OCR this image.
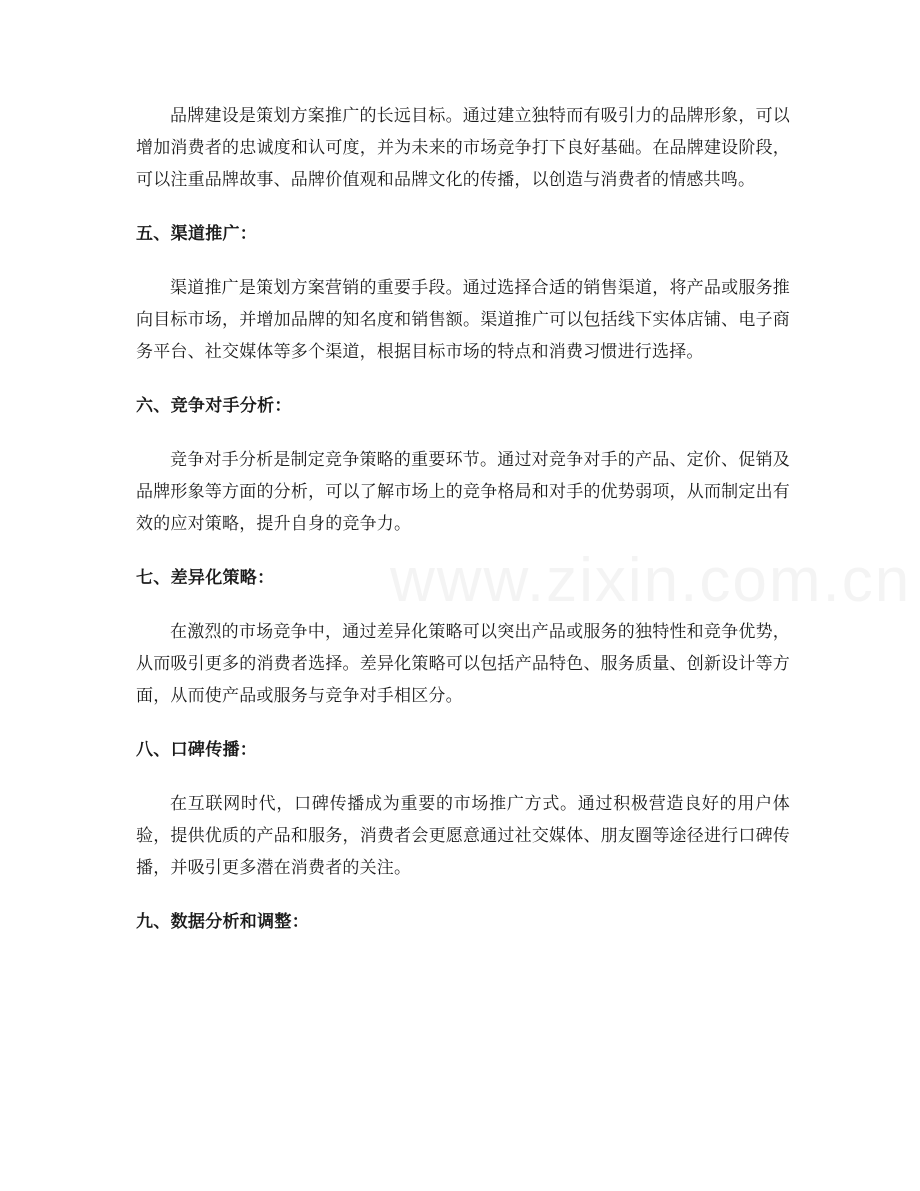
www.zixin.com.cn

品牌建设是策划方案推广的长远目标。通过建立独特而有吸引力的品牌形象，可以增加消费者的忠诚度和认可度，并为未来的市场竞争打下良好基础。在品牌建设阶段，可以注重品牌故事、品牌价值观和品牌文化的传播，以创造与消费者的情感共鸣。

五、渠道推广：

渠道推广是策划方案营销的重要手段。通过选择合适的销售渠道，将产品或服务推向目标市场，并增加品牌的知名度和销售额。渠道推广可以包括线下实体店铺、电子商务平台、社交媒体等多个渠道，根据目标市场的特点和消费习惯进行选择。

六、竞争对手分析：

竞争对手分析是制定竞争策略的重要环节。通过对竞争对手的产品、定价、促销及品牌形象等方面的分析，可以了解市场上的竞争格局和对手的优势弱项，从而制定出有效的应对策略，提升自身的竞争力。

七、差异化策略：

在激烈的市场竞争中，通过差异化策略可以突出产品或服务的独特性和竞争优势，从而吸引更多的消费者选择。差异化策略可以包括产品特色、服务质量、创新设计等方面，从而使产品或服务与竞争对手相区分。

八、口碑传播：

在互联网时代，口碑传播成为重要的市场推广方式。通过积极营造良好的用户体验，提供优质的产品和服务，消费者会更愿意通过社交媒体、朋友圈等途径进行口碑传播，并吸引更多潜在消费者的关注。

九、数据分析和调整：
